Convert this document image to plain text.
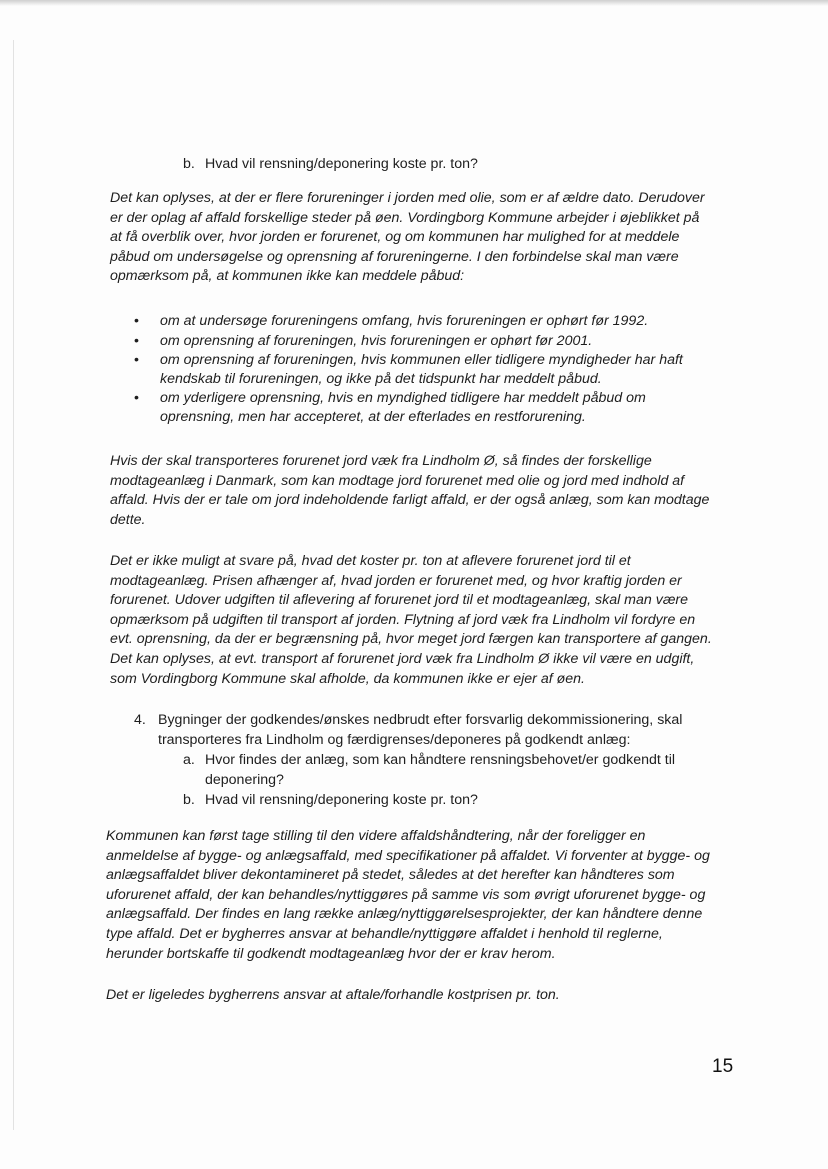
b. Hvad vil rensning/deponering koste pr. ton?
Det kan oplyses, at der er flere forureninger i jorden med olie, som er af ældre dato. Derudover
er der oplag af affald forskellige steder på øen. Vordingborg Kommune arbejder i øjeblikket på
at få overblik over, hvor jorden er forurenet, og om kommunen har mulighed for at meddele
påbud om undersøgelse og oprensning af forureningerne. I den forbindelse skal man være
opmærksom på, at kommunen ikke kan meddele påbud:
• om at undersøge forureningens omfang, hvis forureningen er ophørt før 1992.
• om oprensning af forureningen, hvis forureningen er ophørt før 2001.
• om oprensning af forureningen, hvis kommunen eller tidligere myndigheder har haft
kendskab til forureningen, og ikke på det tidspunkt har meddelt påbud.
• om yderligere oprensning, hvis en myndighed tidligere har meddelt påbud om
oprensning, men har accepteret, at der efterlades en restforurening.
Hvis der skal transporteres forurenet jord væk fra Lindholm Ø, så findes der forskellige
modtageanlæg i Danmark, som kan modtage jord forurenet med olie og jord med indhold af
affald. Hvis der er tale om jord indeholdende farligt affald, er der også anlæg, som kan modtage
dette.
Det er ikke muligt at svare på, hvad det koster pr. ton at aflevere forurenet jord til et
modtageanlæg. Prisen afhænger af, hvad jorden er forurenet med, og hvor kraftig jorden er
forurenet. Udover udgiften til aflevering af forurenet jord til et modtageanlæg, skal man være
opmærksom på udgiften til transport af jorden. Flytning af jord væk fra Lindholm vil fordyre en
evt. oprensning, da der er begrænsning på, hvor meget jord færgen kan transportere af gangen.
Det kan oplyses, at evt. transport af forurenet jord væk fra Lindholm Ø ikke vil være en udgift,
som Vordingborg Kommune skal afholde, da kommunen ikke er ejer af øen.
4. Bygninger der godkendes/ønskes nedbrudt efter forsvarlig dekommissionering, skal
transporteres fra Lindholm og færdigrenses/deponeres på godkendt anlæg:
a. Hvor findes der anlæg, som kan håndtere rensningsbehovet/er godkendt til
deponering?
b. Hvad vil rensning/deponering koste pr. ton?
Kommunen kan først tage stilling til den videre affaldshåndtering, når der foreligger en
anmeldelse af bygge- og anlægsaffald, med specifikationer på affaldet. Vi forventer at bygge- og
anlægsaffaldet bliver dekontamineret på stedet, således at det herefter kan håndteres som
uforurenet affald, der kan behandles/nyttiggøres på samme vis som øvrigt uforurenet bygge- og
anlægsaffald. Der findes en lang række anlæg/nyttiggørelsesprojekter, der kan håndtere denne
type affald. Det er bygherres ansvar at behandle/nyttiggøre affaldet i henhold til reglerne,
herunder bortskaffe til godkendt modtageanlæg hvor der er krav herom.
Det er ligeledes bygherrens ansvar at aftale/forhandle kostprisen pr. ton.
15
